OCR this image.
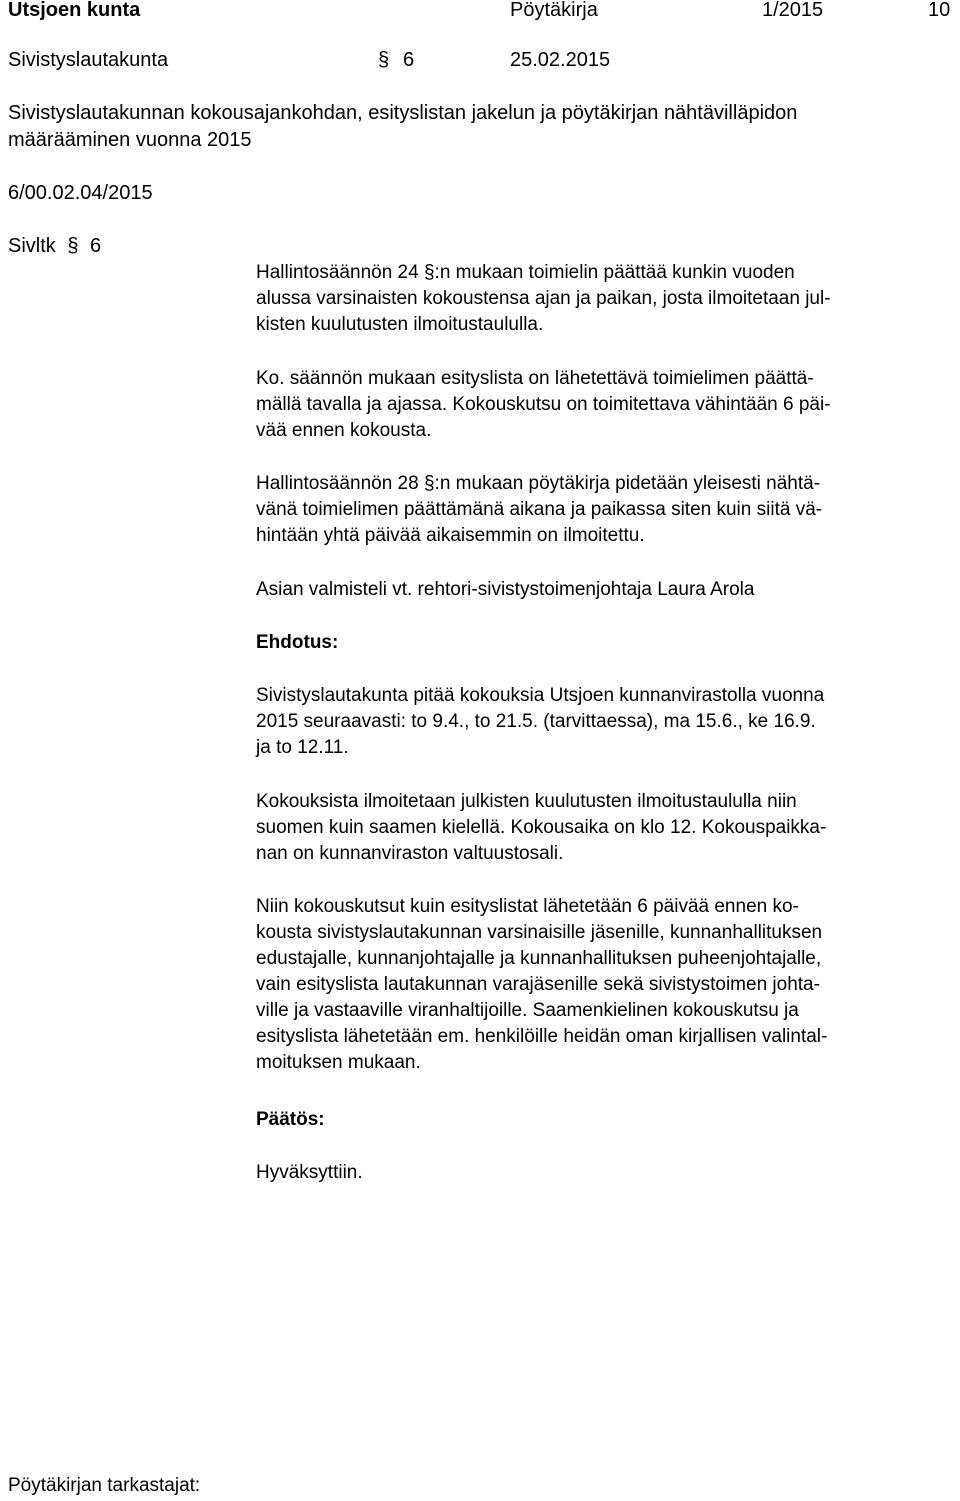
Utsjoen kunta	Pöytäkirja	1/2015	10
Sivistyslautakunta	§ 6	25.02.2015
Sivistyslautakunnan kokousajankohdan, esityslistan jakelun ja pöytäkirjan nähtävilläpidon
määrääminen vuonna 2015
6/00.02.04/2015
Sivltk § 6

Hallintosäännön 24 §:n mukaan toimielin päättää kunkin vuoden

alussa varsinaisten kokoustensa ajan ja paikan, josta ilmoitetaan jul-

kisten kuulutusten ilmoitustaululla.

Ko. säännön mukaan esityslista on lähetettävä toimielimen päättä-

mällä tavalla ja ajassa. Kokouskutsu on toimitettava vähintään 6 päi-

vää ennen kokousta.

Hallintosäännön 28 §:n mukaan pöytäkirja pidetään yleisesti nähtä-

vänä toimielimen päättämänä aikana ja paikassa siten kuin siitä vä-

hintään yhtä päivää aikaisemmin on ilmoitettu.

Asian valmisteli vt. rehtori-sivistystoimenjohtaja Laura Arola

Ehdotus:

Sivistyslautakunta pitää kokouksia Utsjoen kunnanvirastolla vuonna

2015 seuraavasti: to 9.4., to 21.5. (tarvittaessa), ma 15.6., ke 16.9.

ja to 12.11.

Kokouksista ilmoitetaan julkisten kuulutusten ilmoitustaululla niin

suomen kuin saamen kielellä. Kokousaika on klo 12. Kokouspaikka-

nan on kunnanviraston valtuustosali.

Niin kokouskutsut kuin esityslistat lähetetään 6 päivää ennen ko-

kousta sivistyslautakunnan varsinaisille jäsenille, kunnanhallituksen

edustajalle, kunnanjohtajalle ja kunnanhallituksen puheenjohtajalle,

vain esityslista lautakunnan varajäsenille sekä sivistystoimen johta-

ville ja vastaaville viranhaltijoille. Saamenkielinen kokouskutsu ja

esityslista lähetetään em. henkilöille heidän oman kirjallisen valintal-

moituksen mukaan.

Päätös:

Hyväksyttiin.

Pöytäkirjan tarkastajat:
